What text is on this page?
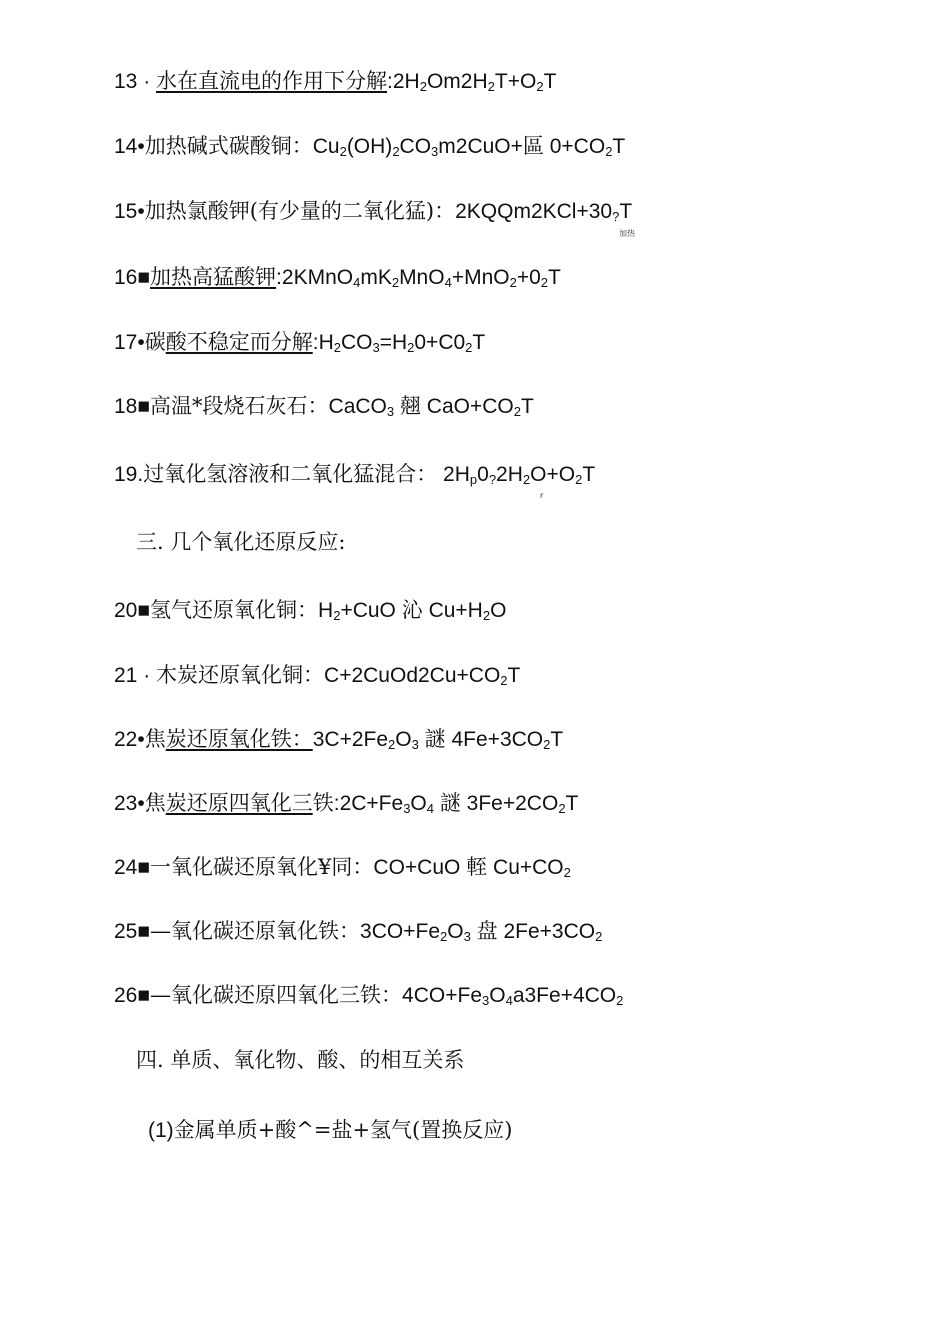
13 · 水在直流电的作用下分解$:2H_2Om2H_2T+O_2T$
14•加热碱式碳酸铜：$Cu_2(OH)_2CO_3m2CuO+$區 $0+CO_2T$
15•加热氯酸钾(有少量的二氧化猛)：$2KQQm2KCl+30_?T$
16■加热高猛酸钾$:2KMnO_4mK_2MnO_4+MnO_2+0_2T$
17•碳酸不稳定而分解$:H_2CO_3=H_20+C0_2T$
18■高温*段烧石灰石：CaCO$_3$ 翹 $CaO+CO_2T$
19.过氧化氢溶液和二氧化猛混合： $2H_p0_?2H_2O+O_2T$
20■氢气还原氧化铜：$H_2+CuO$ 沁 $Cu+H_2O$
21 · 木炭还原氧化铜：$C+2CuOd2Cu+CO_2T$
22•焦炭还原氧化铁：$3C+2Fe_2O_3$ 謎 $4Fe+3CO_2T$
23•焦炭还原四氧化三铁$:2C+Fe_3O_4$ 謎 $3Fe+2CO_2T$
24■一氧化碳还原氧化¥同：CO+CuO 輊 $Cu+CO_2$
25■—氧化碳还原氧化铁：$3CO+Fe_2O_3$ 盘 $2Fe+3CO_2$
26■—氧化碳还原四氧化三铁：$4CO+Fe_3O_4a3Fe+4CO_2$
三. 几个氧化还原反应:
四. 单质、氧化物、酸、的相互关系
(1)金属单质+酸^=盐+氢气(置换反应)
加热
r
